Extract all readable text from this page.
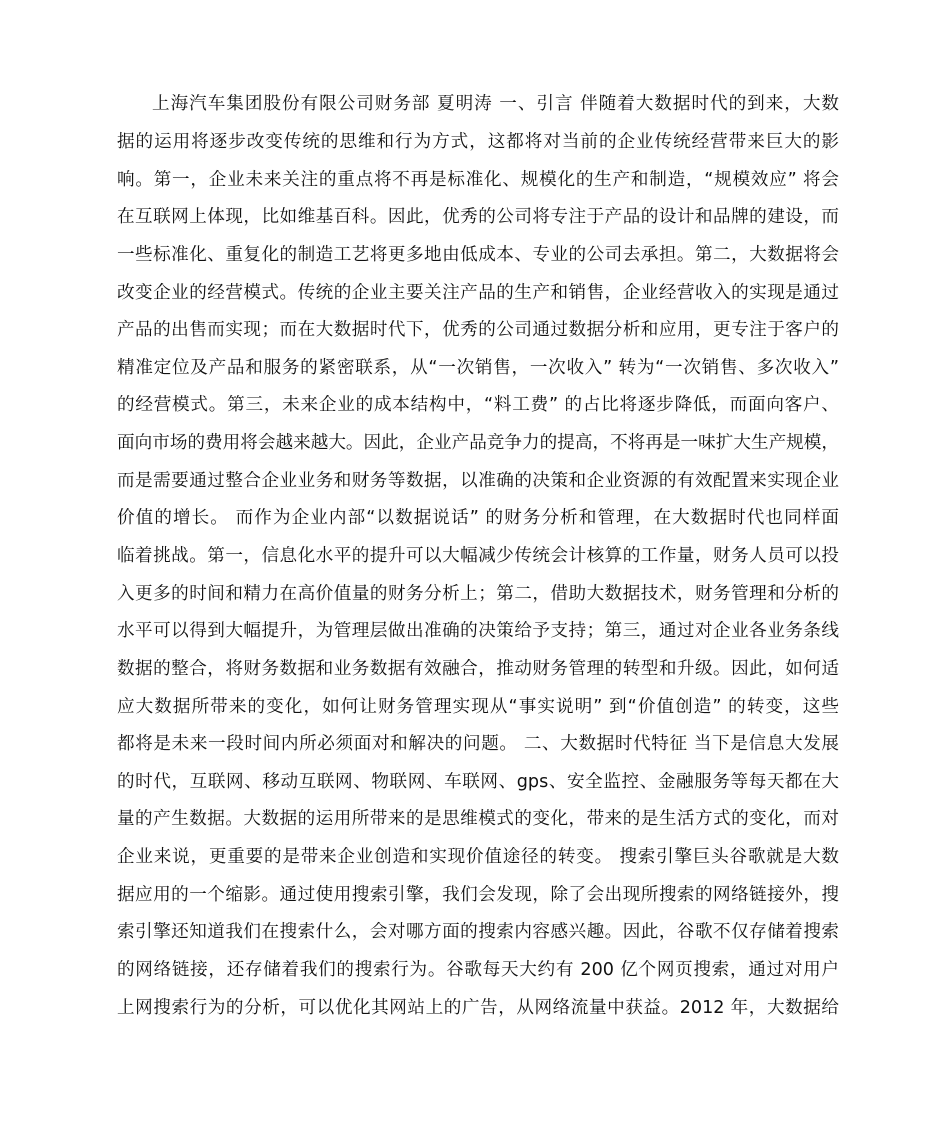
上海汽车集团股份有限公司财务部 夏明涛 一、引言 伴随着大数据时代的到来，大数
据的运用将逐步改变传统的思维和行为方式，这都将对当前的企业传统经营带来巨大的影
响。第一，企业未来关注的重点将不再是标准化、规模化的生产和制造，“规模效应” 将会
在互联网上体现，比如维基百科。因此，优秀的公司将专注于产品的设计和品牌的建设，而
一些标准化、重复化的制造工艺将更多地由低成本、专业的公司去承担。第二，大数据将会
改变企业的经营模式。传统的企业主要关注产品的生产和销售，企业经营收入的实现是通过
产品的出售而实现；而在大数据时代下，优秀的公司通过数据分析和应用，更专注于客户的
精准定位及产品和服务的紧密联系，从“一次销售，一次收入” 转为“一次销售、多次收入”
的经营模式。第三，未来企业的成本结构中，“料工费” 的占比将逐步降低，而面向客户、
面向市场的费用将会越来越大。因此，企业产品竞争力的提高，不将再是一味扩大生产规模，
而是需要通过整合企业业务和财务等数据，以准确的决策和企业资源的有效配置来实现企业
价值的增长。 而作为企业内部“以数据说话” 的财务分析和管理，在大数据时代也同样面
临着挑战。第一，信息化水平的提升可以大幅减少传统会计核算的工作量，财务人员可以投
入更多的时间和精力在高价值量的财务分析上；第二，借助大数据技术，财务管理和分析的
水平可以得到大幅提升，为管理层做出准确的决策给予支持；第三，通过对企业各业务条线
数据的整合，将财务数据和业务数据有效融合，推动财务管理的转型和升级。因此，如何适
应大数据所带来的变化，如何让财务管理实现从“事实说明” 到“价值创造” 的转变，这些
都将是未来一段时间内所必须面对和解决的问题。 二、大数据时代特征 当下是信息大发展
的时代，互联网、移动互联网、物联网、车联网、gps、安全监控、金融服务等每天都在大
量的产生数据。大数据的运用所带来的是思维模式的变化，带来的是生活方式的变化，而对
企业来说，更重要的是带来企业创造和实现价值途径的转变。 搜索引擎巨头谷歌就是大数
据应用的一个缩影。通过使用搜索引擎，我们会发现，除了会出现所搜索的网络链接外，搜
索引擎还知道我们在搜索什么，会对哪方面的搜索内容感兴趣。因此，谷歌不仅存储着搜索
的网络链接，还存储着我们的搜索行为。谷歌每天大约有 200 亿个网页搜索，通过对用户
上网搜索行为的分析，可以优化其网站上的广告，从网络流量中获益。2012 年，大数据给
